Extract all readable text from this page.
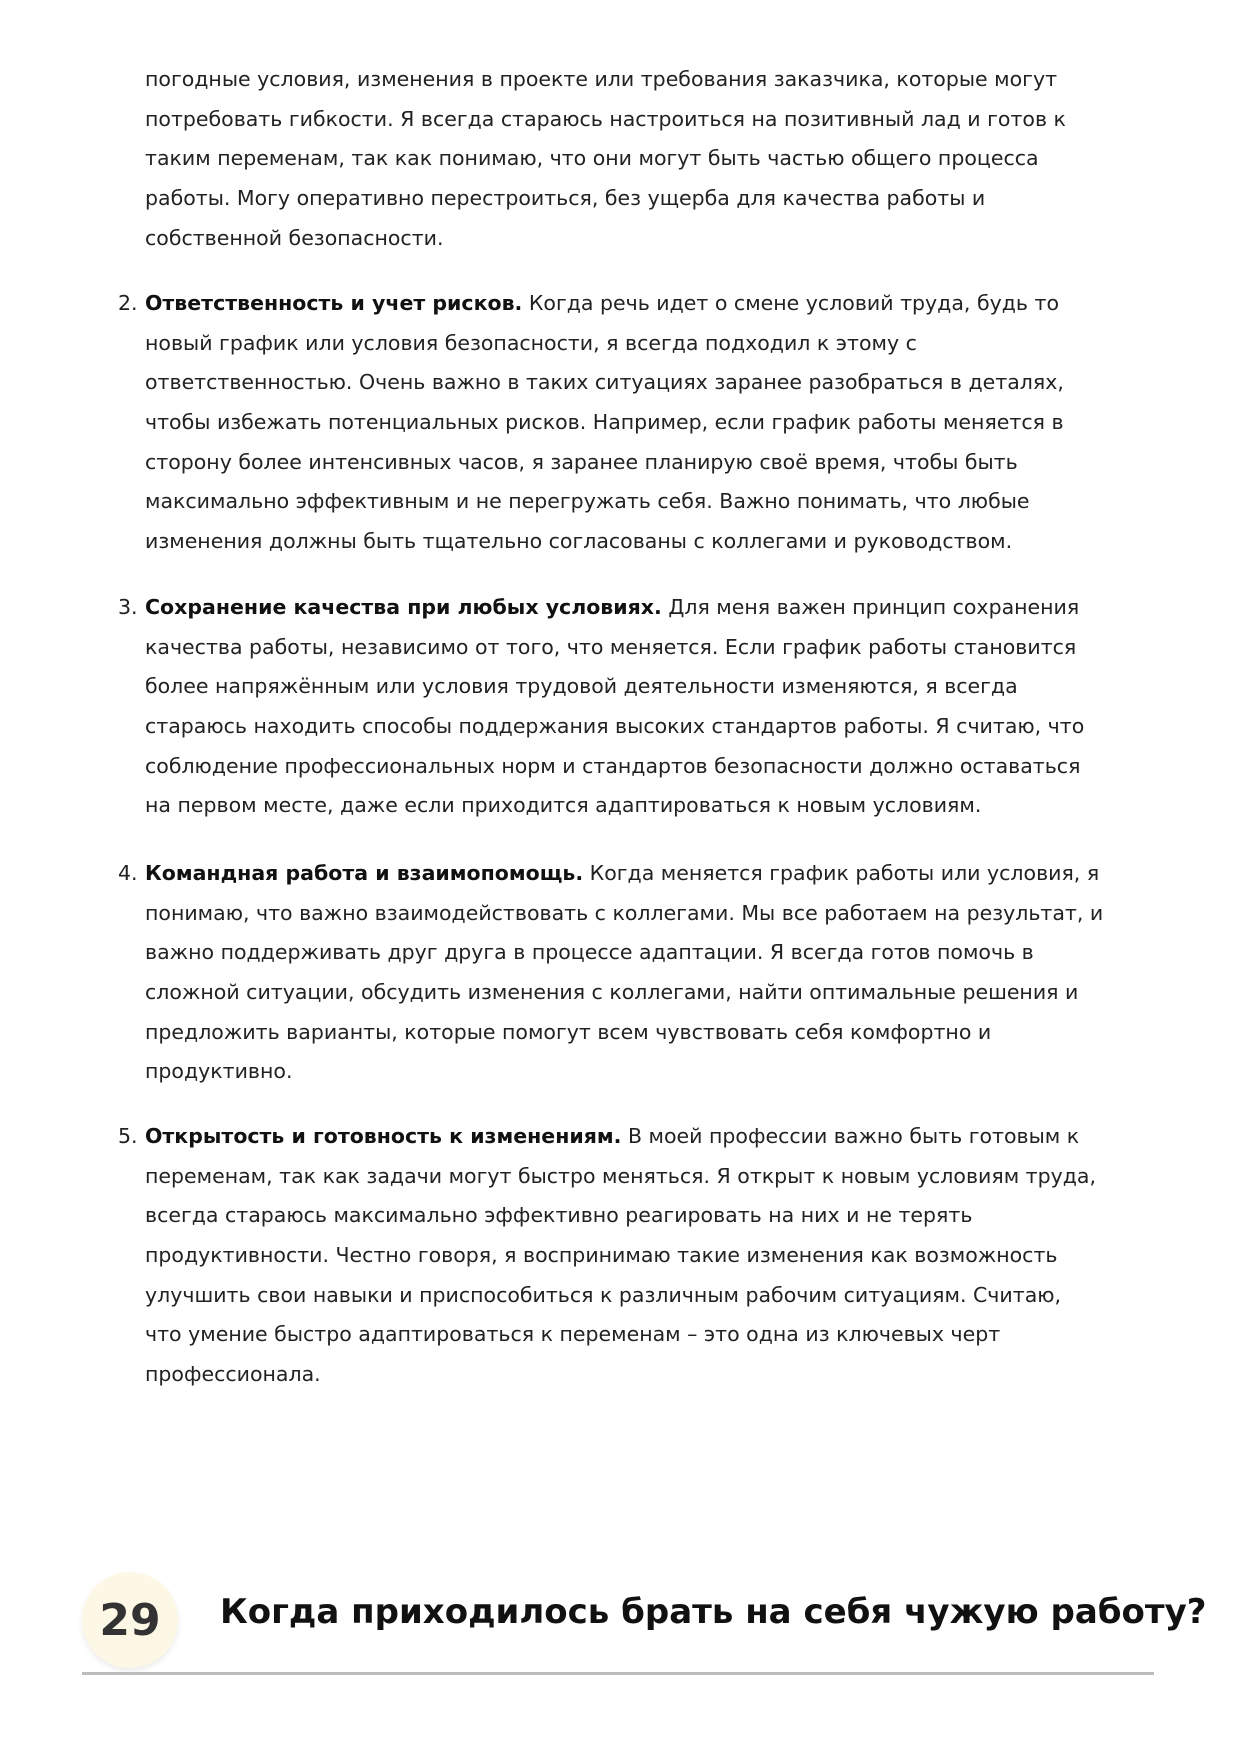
погодные условия, изменения в проекте или требования заказчика, которые могут
потребовать гибкости. Я всегда стараюсь настроиться на позитивный лад и готов к
таким переменам, так как понимаю, что они могут быть частью общего процесса
работы. Могу оперативно перестроиться, без ущерба для качества работы и
собственной безопасности.
2. Ответственность и учет рисков. Когда речь идет о смене условий труда, будь то
новый график или условия безопасности, я всегда подходил к этому с
ответственностью. Очень важно в таких ситуациях заранее разобраться в деталях,
чтобы избежать потенциальных рисков. Например, если график работы меняется в
сторону более интенсивных часов, я заранее планирую своё время, чтобы быть
максимально эффективным и не перегружать себя. Важно понимать, что любые
изменения должны быть тщательно согласованы с коллегами и руководством.
3. Сохранение качества при любых условиях. Для меня важен принцип сохранения
качества работы, независимо от того, что меняется. Если график работы становится
более напряжённым или условия трудовой деятельности изменяются, я всегда
стараюсь находить способы поддержания высоких стандартов работы. Я считаю, что
соблюдение профессиональных норм и стандартов безопасности должно оставаться
на первом месте, даже если приходится адаптироваться к новым условиям.
4. Командная работа и взаимопомощь. Когда меняется график работы или условия, я
понимаю, что важно взаимодействовать с коллегами. Мы все работаем на результат, и
важно поддерживать друг друга в процессе адаптации. Я всегда готов помочь в
сложной ситуации, обсудить изменения с коллегами, найти оптимальные решения и
предложить варианты, которые помогут всем чувствовать себя комфортно и
продуктивно.
5. Открытость и готовность к изменениям. В моей профессии важно быть готовым к
переменам, так как задачи могут быстро меняться. Я открыт к новым условиям труда,
всегда стараюсь максимально эффективно реагировать на них и не терять
продуктивности. Честно говоря, я воспринимаю такие изменения как возможность
улучшить свои навыки и приспособиться к различным рабочим ситуациям. Считаю,
что умение быстро адаптироваться к переменам – это одна из ключевых черт
профессионала.
29 Когда приходилось брать на себя чужую работу?
